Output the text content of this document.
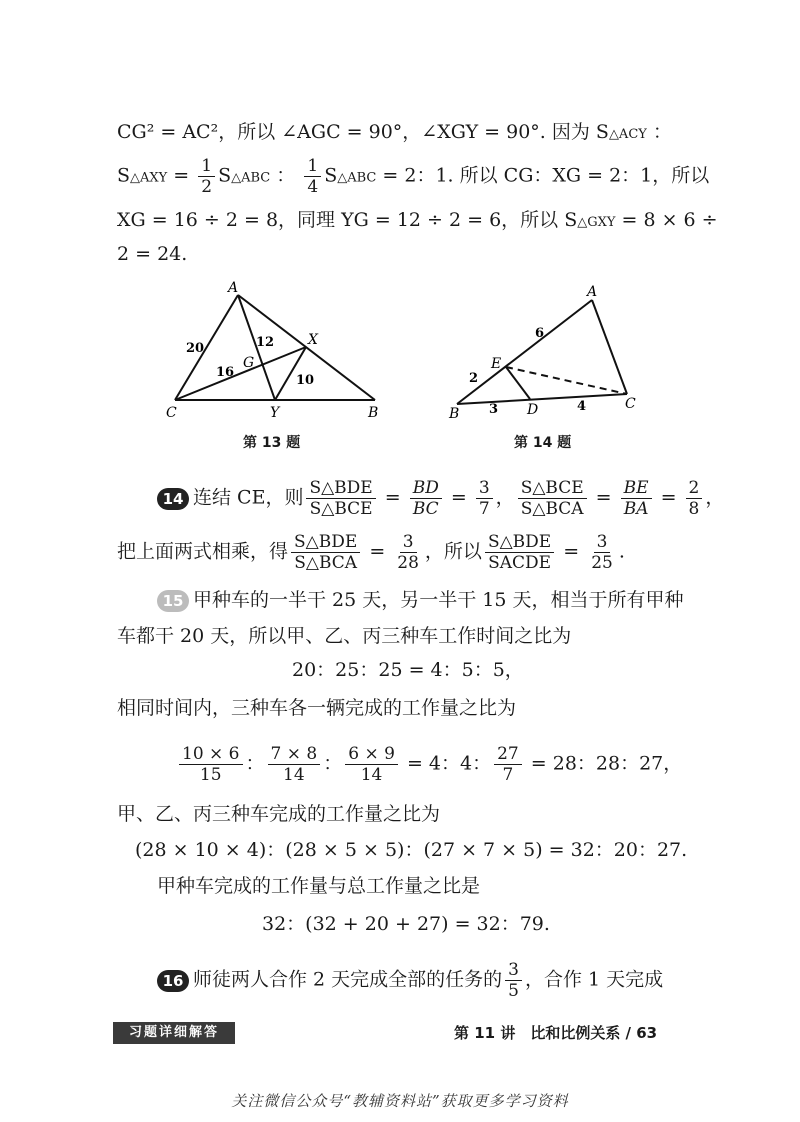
CG² = AC²，所以 ∠AGC = 90°，∠XGY = 90°. 因为 S△ACY ：
S△AXY = $\frac{1}{2}$ S△ABC ： $\frac{1}{4}$ S△ABC = 2：1. 所以 CG：XG = 2：1，所以
XG = 16 ÷ 2 = 8，同理 YG = 12 ÷ 2 = 6，所以 S△GXY = 8 × 6 ÷
2 = 24.
A
C	B
X
Y
G
20	12
16
10
第 13 题
A
E
B	D	C
6
2
3	4
第 14 题
14 连结 CE，则 $\frac{\text{S△BDE}}{\text{S△BCE}} = \frac{BD}{BC} = \frac{3}{7}$ ， $\frac{\text{S△BCE}}{\text{S△BCA}} = \frac{BE}{BA} = \frac{2}{8}$ ，
把上面两式相乘，得 $\frac{\text{S△BDE}}{\text{S△BCA}} = \frac{3}{28}$ ，所以 $\frac{\text{S△BDE}}{\text{SACDE}} = \frac{3}{25}$ .
15 甲种车的一半干 25 天，另一半干 15 天，相当于所有甲种
车都干 20 天，所以甲、乙、丙三种车工作时间之比为
20：25：25 = 4：5：5，
相同时间内，三种车各一辆完成的工作量之比为
$\frac{10 \times 6}{15}$ ： $\frac{7 \times 8}{14}$ ： $\frac{6 \times 9}{14} = 4$：4： $\frac{27}{7} = 28$：28：27，
甲、乙、丙三种车完成的工作量之比为
(28 × 10 × 4)：(28 × 5 × 5)：(27 × 7 × 5) = 32：20：27.
甲种车完成的工作量与总工作量之比是
32：(32 + 20 + 27) = 32：79.
16 师徒两人合作 2 天完成全部的任务的 $\frac{3}{5}$ ，合作 1 天完成
习题详细解答	第 11 讲　比和比例关系 / 63
关注微信公众号“教辅资料站”获取更多学习资料
